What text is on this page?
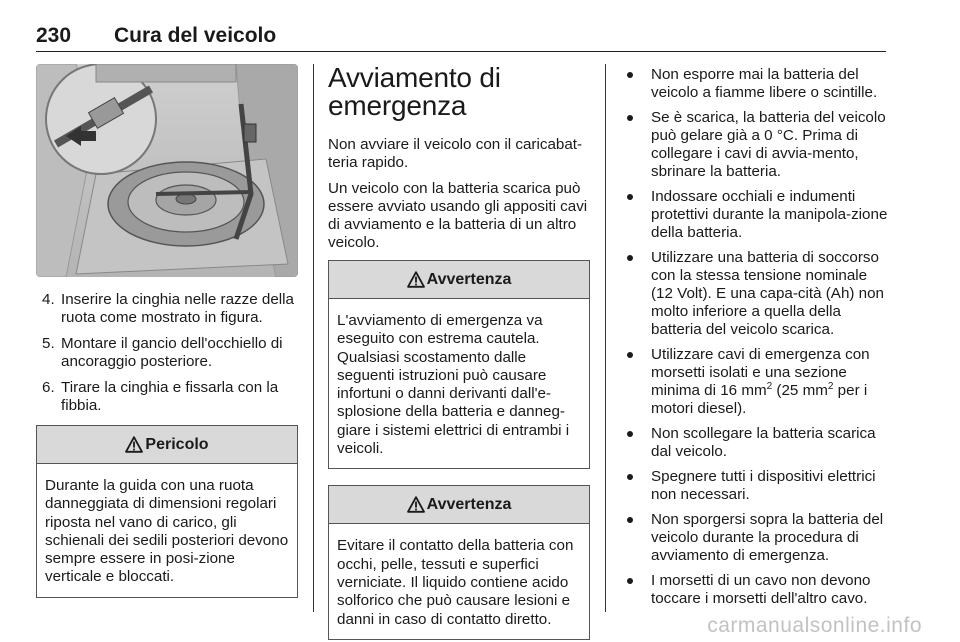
230 Cura del veicolo
4. Inserire la cinghia nelle razze della ruota come mostrato in figura.
5. Montare il gancio dell'occhiello di ancoraggio posteriore.
6. Tirare la cinghia e fissarla con la fibbia.
Pericolo
Durante la guida con una ruota danneggiata di dimensioni regolari riposta nel vano di carico, gli schienali dei sedili posteriori devono sempre essere in posi-zione verticale e bloccati.
Avviamento di emergenza

Non avviare il veicolo con il caricabat-teria rapido.

Un veicolo con la batteria scarica può essere avviato usando gli appositi cavi di avviamento e la batteria di un altro veicolo.

Avvertenza
L'avviamento di emergenza va eseguito con estrema cautela. Qualsiasi scostamento dalle seguenti istruzioni può causare infortuni o danni derivanti dall'e-splosione della batteria e danneg-giare i sistemi elettrici di entrambi i veicoli.
Avvertenza
Evitare il contatto della batteria con occhi, pelle, tessuti e superfici verniciate. Il liquido contiene acido solforico che può causare lesioni e danni in caso di contatto diretto.
Non esporre mai la batteria del veicolo a fiamme libere o scintille.
Se è scarica, la batteria del veicolo può gelare già a 0 °C. Prima di collegare i cavi di avvia-mento, sbrinare la batteria.
Indossare occhiali e indumenti protettivi durante la manipola-zione della batteria.
Utilizzare una batteria di soccorso con la stessa tensione nominale (12 Volt). E una capa-cità (Ah) non molto inferiore a quella della batteria del veicolo scarica.
Utilizzare cavi di emergenza con morsetti isolati e una sezione minima di 16 $mm^2$ (25 $mm^2$ per i motori diesel).
Non scollegare la batteria scarica dal veicolo.
Spegnere tutti i dispositivi elettrici non necessari.
Non sporgersi sopra la batteria del veicolo durante la procedura di avviamento di emergenza.
I morsetti di un cavo non devono toccare i morsetti dell'altro cavo.
carmanualsonline.info
